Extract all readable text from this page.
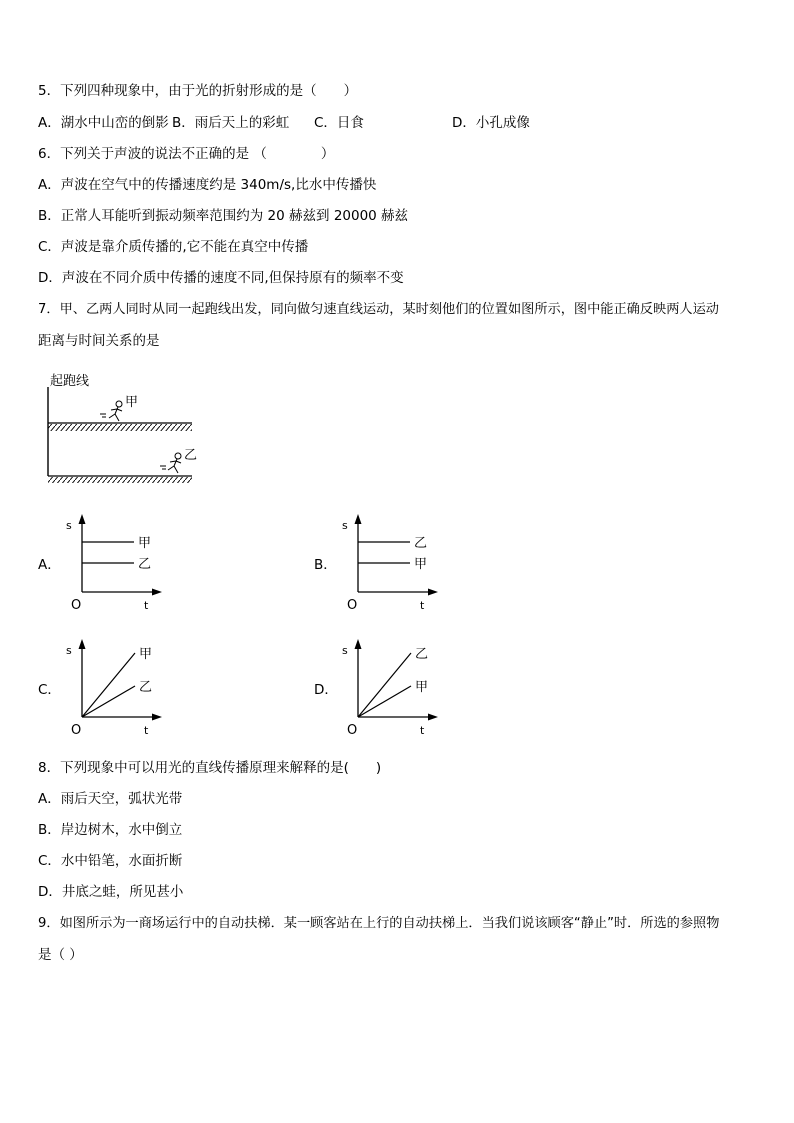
5．下列四种现象中，由于光的折射形成的是（　　）
A．湖水中山峦的倒影 B．雨后天上的彩虹 C．日食	D．小孔成像
6．下列关于声波的说法不正确的是 （　　　　）
A．声波在空气中的传播速度约是 340m/s,比水中传播快
B．正常人耳能听到振动频率范围约为 20 赫兹到 20000 赫兹
C．声波是靠介质传播的,它不能在真空中传播
D．声波在不同介质中传播的速度不同,但保持原有的频率不变
7．甲、乙两人同时从同一起跑线出发，同向做匀速直线运动，某时刻他们的位置如图所示，图中能正确反映两人运动
距离与时间关系的是
起跑线
甲
乙
A．	B．
C．	D．
s
t
O
甲
乙
s
t
O
乙
甲
s
t
O
甲
乙
s
t
O
乙
甲
8．下列现象中可以用光的直线传播原理来解释的是(　　)
A．雨后天空，弧状光带
B．岸边树木，水中倒立
C．水中铅笔，水面折断
D．井底之蛙，所见甚小
9．如图所示为一商场运行中的自动扶梯．某一顾客站在上行的自动扶梯上．当我们说该顾客“静止”时．所选的参照物
是（ ）
